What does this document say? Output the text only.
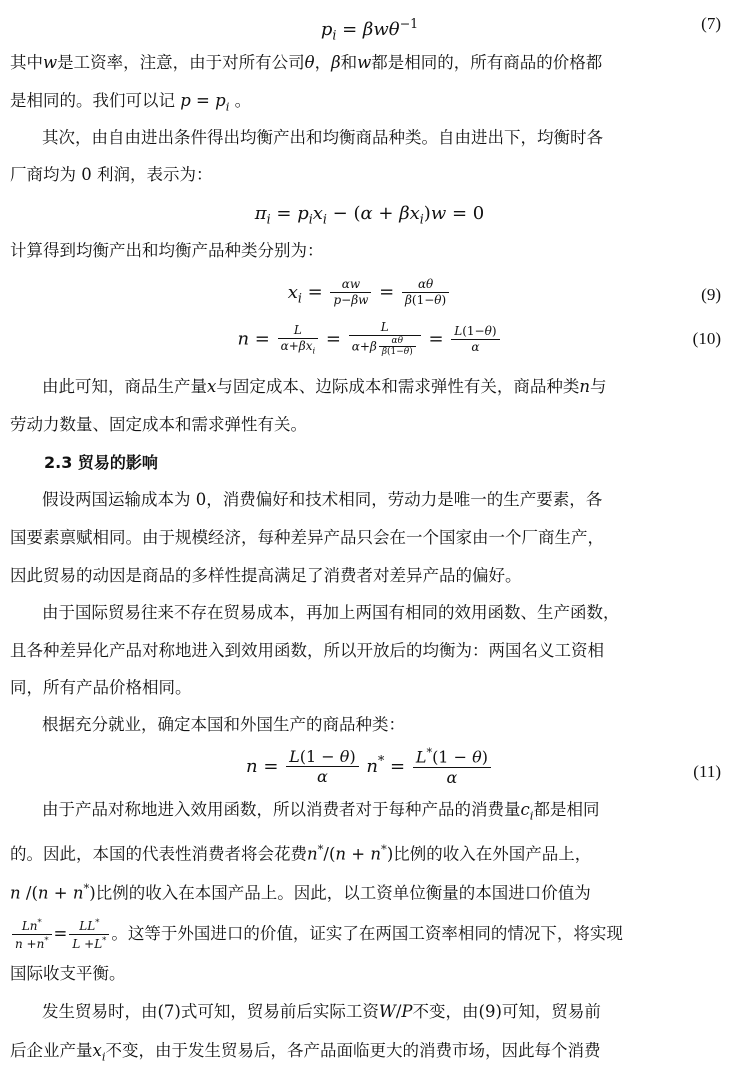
$p_i = \beta w\theta^{-1}$	(7)
其中w是工资率，注意，由于对所有公司θ，β和w都是相同的，所有商品的价格都
是相同的。我们可以记 $p = p_i$ 。
其次，由自由进出条件得出均衡产出和均衡商品种类。自由进出下，均衡时各
厂商均为 0 利润，表示为：
$\pi_i = p_ix_i - (\alpha + \beta x_i)w = 0$
计算得到均衡产出和均衡产品种类分别为：
$x_i = \frac{\alpha w}{p-\beta w} = \frac{\alpha\theta}{\beta(1-\theta)}$	(9)
$n = \frac{L}{\alpha+\beta x_i} = \frac{L}{\alpha+\beta \frac{\alpha\theta}{\beta(1-\theta)}} = \frac{L(1-\theta)}{\alpha}$	(10)
由此可知，商品生产量x与固定成本、边际成本和需求弹性有关，商品种类n与
劳动力数量、固定成本和需求弹性有关。
2.3 贸易的影响
假设两国运输成本为 0，消费偏好和技术相同，劳动力是唯一的生产要素，各
国要素禀赋相同。由于规模经济，每种差异产品只会在一个国家由一个厂商生产，
因此贸易的动因是商品的多样性提高满足了消费者对差异产品的偏好。
由于国际贸易往来不存在贸易成本，再加上两国有相同的效用函数、生产函数，
且各种差异化产品对称地进入到效用函数，所以开放后的均衡为：两国名义工资相
同，所有产品价格相同。
根据充分就业，确定本国和外国生产的商品种类：
$n = \frac{L(1 - \theta)}{\alpha} n^* = \frac{L^*(1 - \theta)}{\alpha}$	(11)
由于产品对称地进入效用函数，所以消费者对于每种产品的消费量$c_i$都是相同
的。因此，本国的代表性消费者将会花费n*/(n + n*)比例的收入在外国产品上，
n /(n + n*)比例的收入在本国产品上。因此，以工资单位衡量的本国进口价值为
$\frac{Ln^*}{n +n^*} = \frac{LL^*}{L +L^*}$ 。这等于外国进口的价值，证实了在两国工资率相同的情况下，将实现
国际收支平衡。
发生贸易时，由(7)式可知，贸易前后实际工资W/P不变，由(9)可知，贸易前
后企业产量$x_i$不变，由于发生贸易后，各产品面临更大的消费市场，因此每个消费
